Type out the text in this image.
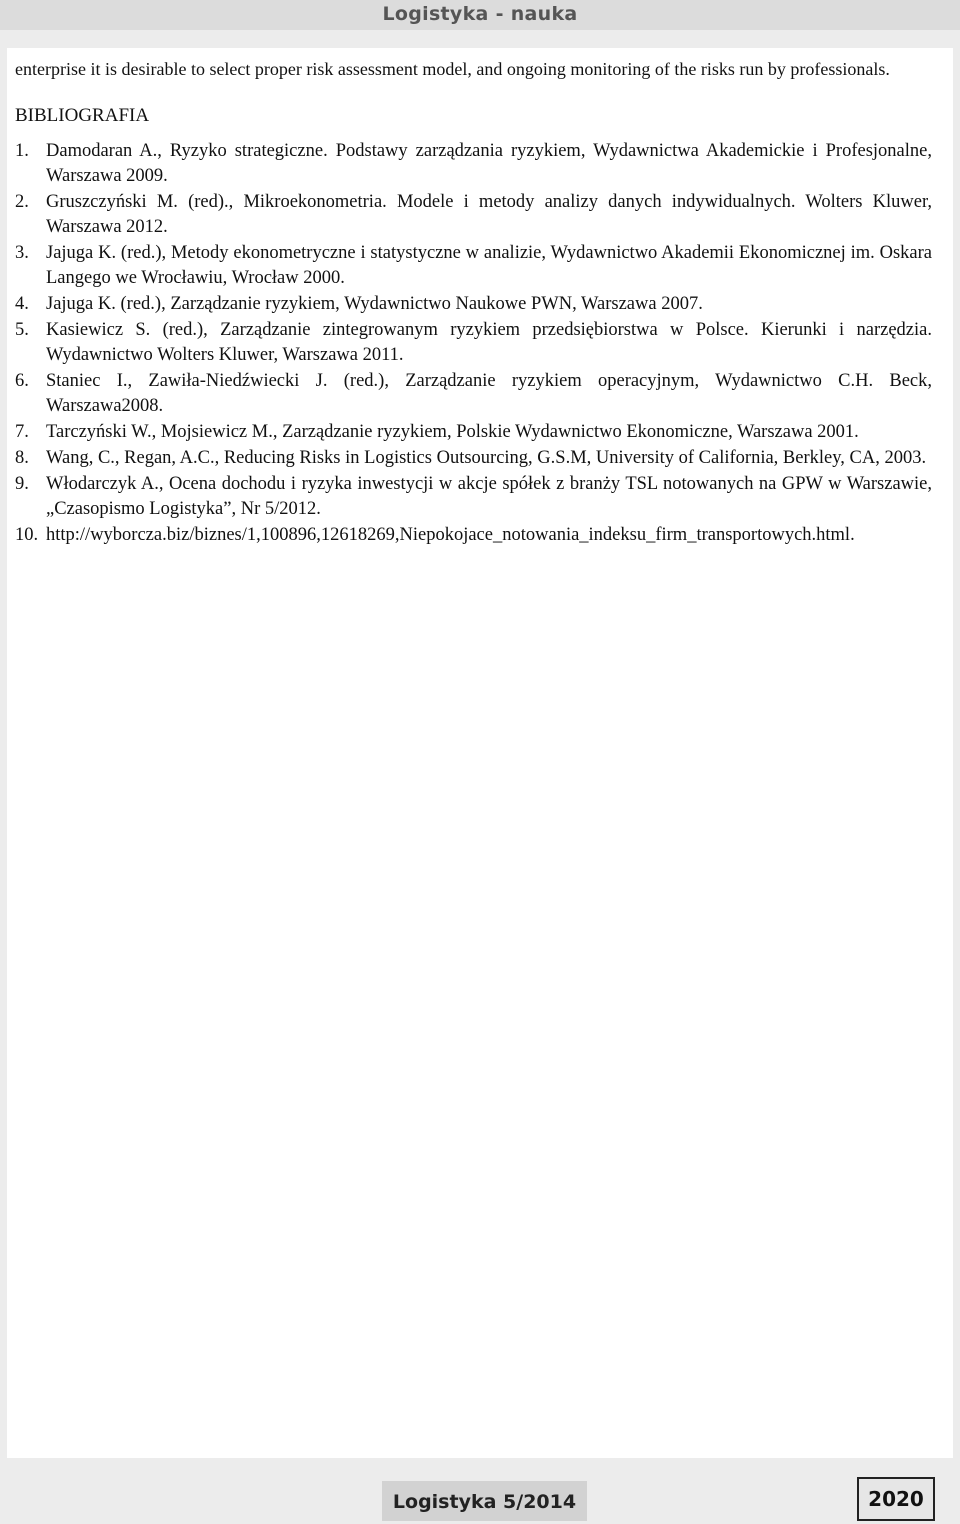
Logistyka - nauka

enterprise it is desirable to select proper risk assessment model, and ongoing monitoring of the risks run by professionals.

BIBLIOGRAFIA
1. Damodaran A., Ryzyko strategiczne. Podstawy zarządzania ryzykiem, Wydawnictwa Akademickie i Profesjonalne, Warszawa 2009.
2. Gruszczyński M. (red)., Mikroekonometria. Modele i metody analizy danych indywidualnych. Wolters Kluwer, Warszawa 2012.
3. Jajuga K. (red.), Metody ekonometryczne i statystyczne w analizie, Wydawnictwo Akademii Ekonomicznej im. Oskara Langego we Wrocławiu, Wrocław 2000.
4. Jajuga K. (red.), Zarządzanie ryzykiem, Wydawnictwo Naukowe PWN, Warszawa 2007.
5. Kasiewicz S. (red.), Zarządzanie zintegrowanym ryzykiem przedsiębiorstwa w Polsce. Kierunki i narzędzia. Wydawnictwo Wolters Kluwer, Warszawa 2011.
6. Staniec I., Zawiła-Niedźwiecki J. (red.), Zarządzanie ryzykiem operacyjnym, Wydawnictwo C.H. Beck, Warszawa2008.
7. Tarczyński W., Mojsiewicz M., Zarządzanie ryzykiem, Polskie Wydawnictwo Ekonomiczne, Warszawa 2001.
8. Wang, C., Regan, A.C., Reducing Risks in Logistics Outsourcing, G.S.M, University of California, Berkley, CA, 2003.
9. Włodarczyk A., Ocena dochodu i ryzyka inwestycji w akcje spółek z branży TSL notowanych na GPW w Warszawie, „Czasopismo Logistyka”, Nr 5/2012.
10. http://wyborcza.biz/biznes/1,100896,12618269,Niepokojace_notowania_indeksu_firm_transportowych.html.
Logistyka 5/2014	2020
